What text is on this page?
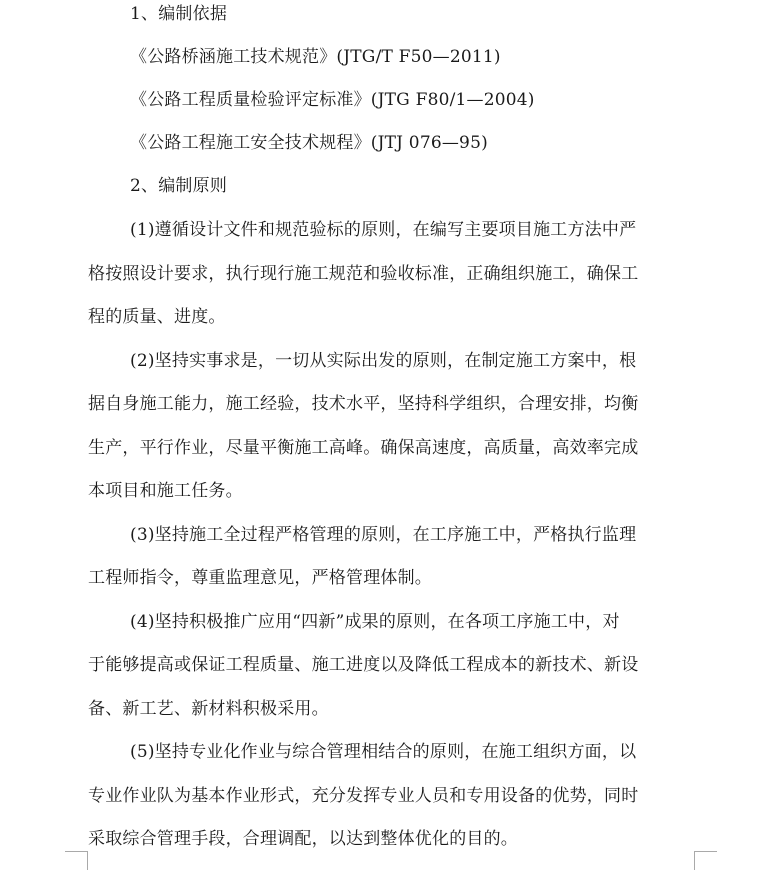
1、编制依据
《公路桥涵施工技术规范》(JTG/T F50—2011)
《公路工程质量检验评定标准》(JTG F80/1—2004)
《公路工程施工安全技术规程》(JTJ 076—95)
2、编制原则
(1)遵循设计文件和规范验标的原则，在编写主要项目施工方法中严
格按照设计要求，执行现行施工规范和验收标准，正确组织施工，确保工
程的质量、进度。
(2)坚持实事求是，一切从实际出发的原则，在制定施工方案中，根
据自身施工能力，施工经验，技术水平，坚持科学组织，合理安排，均衡
生产，平行作业，尽量平衡施工高峰。确保高速度，高质量，高效率完成
本项目和施工任务。
(3)坚持施工全过程严格管理的原则，在工序施工中，严格执行监理
工程师指令，尊重监理意见，严格管理体制。
(4)坚持积极推广应用“四新”成果的原则，在各项工序施工中，对
于能够提高或保证工程质量、施工进度以及降低工程成本的新技术、新设
备、新工艺、新材料积极采用。
(5)坚持专业化作业与综合管理相结合的原则，在施工组织方面，以
专业作业队为基本作业形式，充分发挥专业人员和专用设备的优势，同时
采取综合管理手段，合理调配，以达到整体优化的目的。
